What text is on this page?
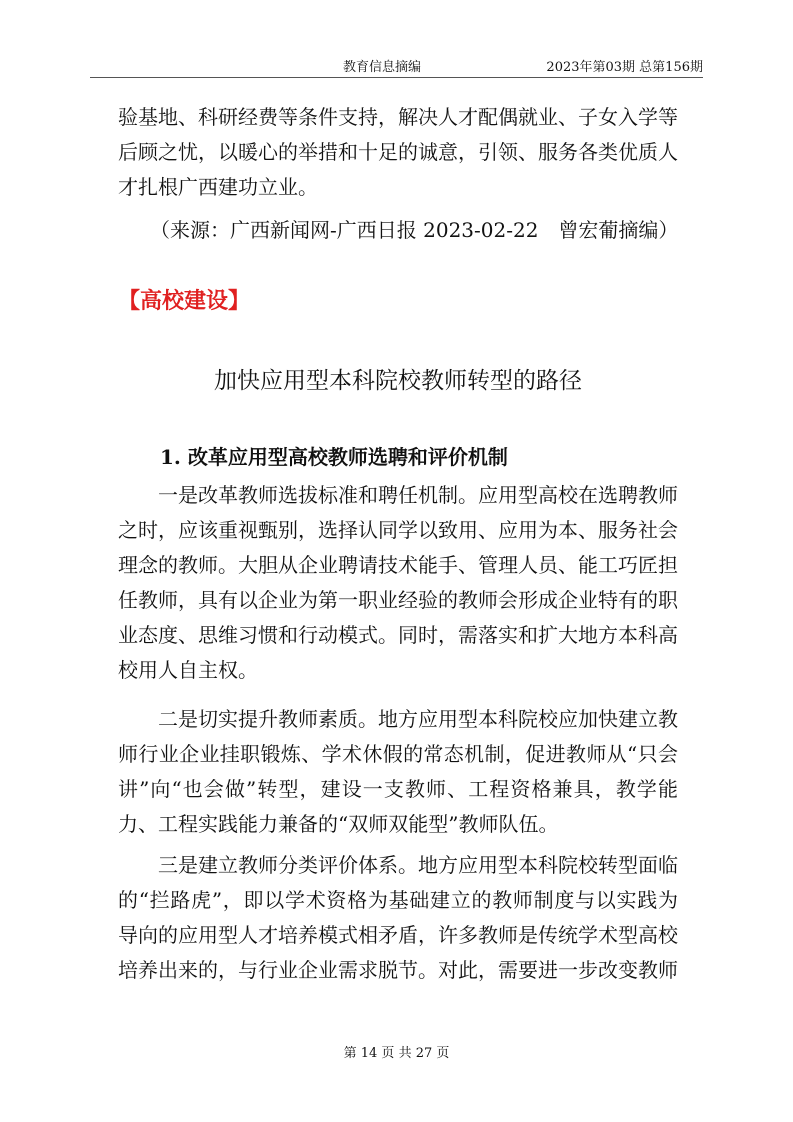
教育信息摘编	2023年第03期 总第156期

验基地、科研经费等条件支持，解决人才配偶就业、子女入学等后顾之忧，以暖心的举措和十足的诚意，引领、服务各类优质人才扎根广西建功立业。

（来源：广西新闻网-广西日报 2023-02-22　曾宏葡摘编）

【高校建设】

加快应用型本科院校教师转型的路径

1. 改革应用型高校教师选聘和评价机制

一是改革教师选拔标准和聘任机制。应用型高校在选聘教师之时，应该重视甄别，选择认同学以致用、应用为本、服务社会理念的教师。大胆从企业聘请技术能手、管理人员、能工巧匠担任教师，具有以企业为第一职业经验的教师会形成企业特有的职业态度、思维习惯和行动模式。同时，需落实和扩大地方本科高校用人自主权。

二是切实提升教师素质。地方应用型本科院校应加快建立教师行业企业挂职锻炼、学术休假的常态机制，促进教师从“只会讲”向“也会做”转型，建设一支教师、工程资格兼具，教学能力、工程实践能力兼备的“双师双能型”教师队伍。

三是建立教师分类评价体系。地方应用型本科院校转型面临的“拦路虎”，即以学术资格为基础建立的教师制度与以实践为导向的应用型人才培养模式相矛盾，许多教师是传统学术型高校培养出来的，与行业企业需求脱节。对此，需要进一步改变教师

第 14 页 共 27 页
